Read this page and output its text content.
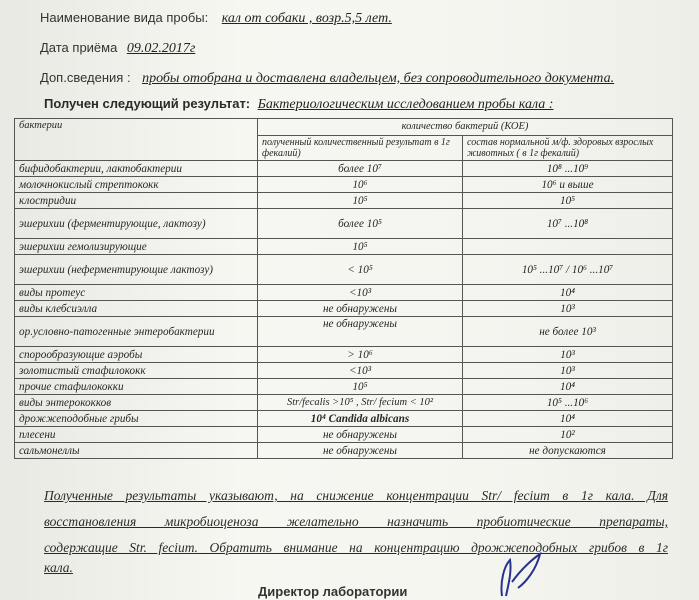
Наименование вида пробы: кал от собаки , возр.5,5 лет.
Дата приёма 09.02.2017г
Доп.сведения : пробы отобрана и доставлена владельцем, без сопроводительного документа.
Получен следующий результат: Бактериологическим исследованием пробы кала :
бактерии	количество бактерий (КОЕ)	
	полученный количественный результат в 1г фекалий)	состав нормальной м/ф. здоровых взрослых животных ( в 1г фекалий)
бифидобактерии, лактобактерии	более 10⁷	10⁸ ...10⁹
молочнокислый стрептококк	10⁶	10⁶ и выше
клостридии	10⁵	10⁵
эшерихии (ферментирующие, лактозу)	более 10⁵	10⁷ ...10⁸
эшерихии гемолизирующие	10⁵	
эшерихии (неферментирующие лактозу)	< 10⁵	10⁵ ...10⁷ / 10⁶ ...10⁷
виды протеус	<10³	10⁴
виды клебсиэлла	не обнаружены	10³
ор.условно-патогенные энтеробактерии	не обнаружены	не более 10³
спорообразующие аэробы	> 10⁶	10³
золотистый стафилококк	<10³	10³
прочие стафилококки	10⁵	10⁴
виды энтерококков	Str/fecalis >10⁵ , Str/ fecium < 10²	10⁵ ...10⁶
дрожжеподобные грибы	10⁴ Candida albicans	10⁴
плесени	не обнаружены	10²
сальмонеллы	не обнаружены	не допускаются
Полученные результаты указывают, на снижение концентрации Str/ fecium в 1г кала. Для
восстановления микробиоценоза желательно назначить пробиотические препараты,
содержащие Str. fecium. Обратить внимание на концентрацию дрожжеподобных грибов в 1г
кала.
Директор лаборатории
